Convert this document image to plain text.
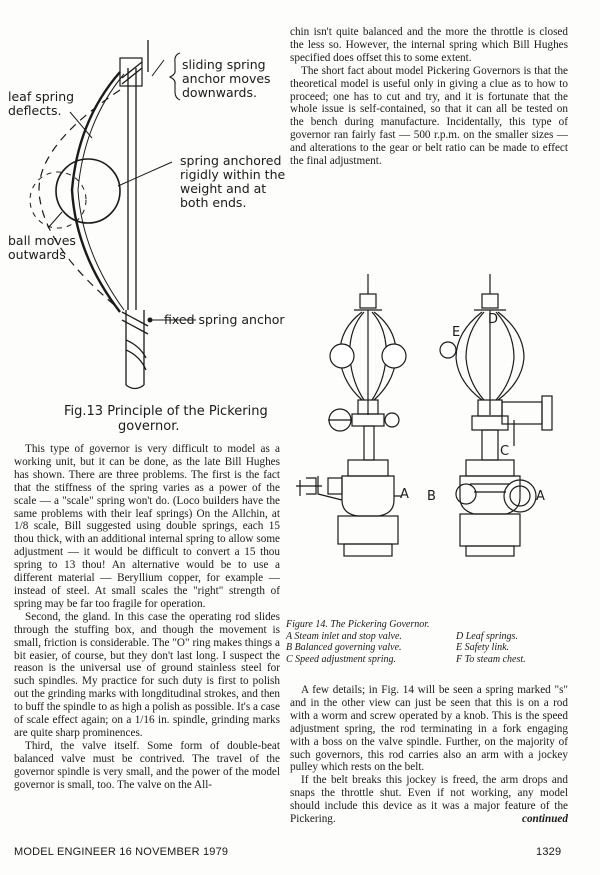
sliding spring anchor moves downwards.
leaf spring deflects.
spring anchored rigidly within the weight and at both ends.
ball moves outwards
fixed spring anchor
Fig.13 Principle of the Pickering
governor.

chin isn't quite balanced and the more the throttle is closed the less so. However, the internal spring which Bill Hughes specified does offset this to some extent.

The short fact about model Pickering Governors is that the theoretical model is useful only in giving a clue as to how to proceed; one has to cut and try, and it is fortunate that the whole issue is self-contained, so that it can all be tested on the bench during manufacture. Incidentally, this type of governor ran fairly fast — 500 r.p.m. on the smaller sizes — and alterations to the gear or belt ratio can be made to effect the final adjustment.

A B	A
C
D
E
Figure 14. The Pickering Governor.
A Steam inlet and stop valve.	D Leaf springs.
B Balanced governing valve.	E Safety link.
C Speed adjustment spring.	F To steam chest.

A few details; in Fig. 14 will be seen a spring marked "s" and in the other view can just be seen that this is on a rod with a worm and screw operated by a knob. This is the speed adjustment spring, the rod terminating in a fork engaging with a boss on the valve spindle. Further, on the majority of such governors, this rod carries also an arm with a jockey pulley which rests on the belt.

If the belt breaks this jockey is freed, the arm drops and snaps the throttle shut. Even if not working, any model should include this device as it was a major feature of the Pickering.	continued

This type of governor is very difficult to model as a working unit, but it can be done, as the late Bill Hughes has shown. There are three problems. The first is the fact that the stiffness of the spring varies as a power of the scale — a "scale" spring won't do. (Loco builders have the same problems with their leaf springs) On the Allchin, at 1/8 scale, Bill suggested using double springs, each 15 thou thick, with an additional internal spring to allow some adjustment — it would be difficult to convert a 15 thou spring to 13 thou! An alternative would be to use a different material — Beryllium copper, for example — instead of steel. At small scales the "right" strength of spring may be far too fragile for operation.

Second, the gland. In this case the operating rod slides through the stuffing box, and though the movement is small, friction is considerable. The "O" ring makes things a bit easier, of course, but they don't last long. I suspect the reason is the universal use of ground stainless steel for such spindles. My practice for such duty is first to polish out the grinding marks with longditudinal strokes, and then to buff the spindle to as high a polish as possible. It's a case of scale effect again; on a 1/16 in. spindle, grinding marks are quite sharp prominences.

Third, the valve itself. Some form of double-beat balanced valve must be contrived. The travel of the governor spindle is very small, and the power of the model governor is small, too. The valve on the All-

MODEL ENGINEER 16 NOVEMBER 1979	1329
